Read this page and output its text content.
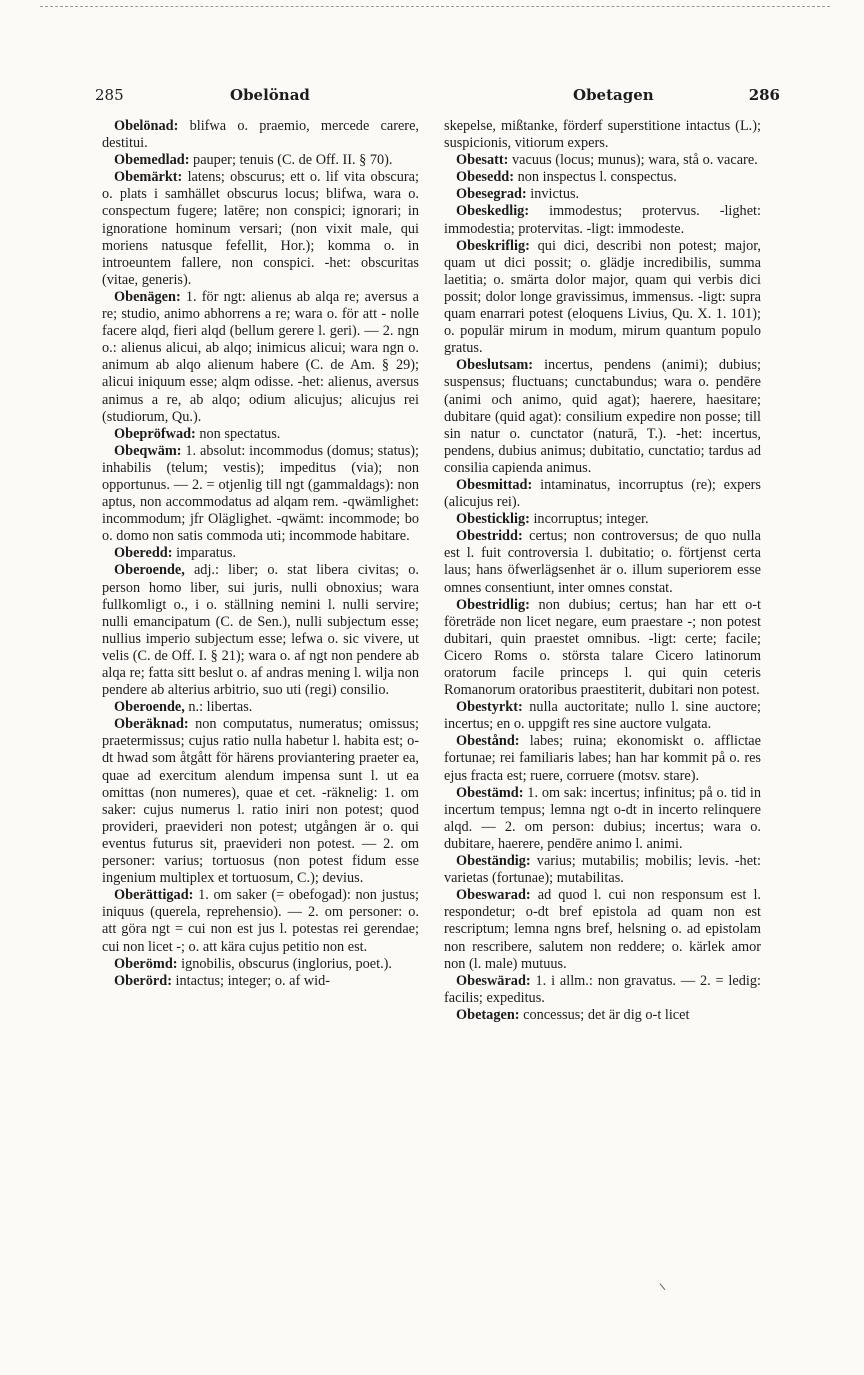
285	Obelönad	Obetagen	286

Obelönad: blifwa o. praemio, mercede carere, destitui.

Obemedlad: pauper; tenuis (C. de Off. II. § 70).

Obemärkt: latens; obscurus; ett o. lif vita obscura; o. plats i samhället obscurus locus; blifwa, wara o. conspectum fugere; latēre; non conspici; ignorari; in ignoratione hominum versari; (non vixit male, qui moriens natusque fefellit, Hor.); komma o. in introeuntem fallere, non conspici. -het: obscuritas (vitae, generis).

Obenägen: 1. för ngt: alienus ab alqa re; aversus a re; studio, animo abhorrens a re; wara o. för att - nolle facere alqd, fieri alqd (bellum gerere l. geri). — 2. ngn o.: alienus alicui, ab alqo; inimicus alicui; wara ngn o. animum ab alqo alienum habere (C. de Am. § 29); alicui iniquum esse; alqm odisse. -het: alienus, aversus animus a re, ab alqo; odium alicujus; alicujus rei (studiorum, Qu.).

Obepröfwad: non spectatus.

Obeqwäm: 1. absolut: incommodus (domus; status); inhabilis (telum; vestis); impeditus (via); non opportunus. — 2. = otjenlig till ngt (gammaldags): non aptus, non accommodatus ad alqam rem. -qwämlighet: incommodum; jfr Oläglighet. -qwämt: incommode; bo o. domo non satis commoda uti; incommode habitare.

Oberedd: imparatus.

Oberoende, adj.: liber; o. stat libera civitas; o. person homo liber, sui juris, nulli obnoxius; wara fullkomligt o., i o. ställning nemini l. nulli servire; nulli emancipatum (C. de Sen.), nulli subjectum esse; nullius imperio subjectum esse; lefwa o. sic vivere, ut velis (C. de Off. I. § 21); wara o. af ngt non pendere ab alqa re; fatta sitt beslut o. af andras mening l. wilja non pendere ab alterius arbitrio, suo uti (regi) consilio.

Oberoende, n.: libertas.

Oberäknad: non computatus, numeratus; omissus; praetermissus; cujus ratio nulla habetur l. habita est; o-dt hwad som åtgått för härens proviantering praeter ea, quae ad exercitum alendum impensa sunt l. ut ea omittas (non numeres), quae et cet. -räknelig: 1. om saker: cujus numerus l. ratio iniri non potest; quod provideri, praevideri non potest; utgången är o. qui eventus futurus sit, praevideri non potest. — 2. om personer: varius; tortuosus (non potest fidum esse ingenium multiplex et tortuosum, C.); devius.

Oberättigad: 1. om saker (= obefogad): non justus; iniquus (querela, reprehensio). — 2. om personer: o. att göra ngt = cui non est jus l. potestas rei gerendae; cui non licet -; o. att kära cujus petitio non est.

Oberömd: ignobilis, obscurus (inglorius, poet.).

Oberörd: intactus; integer; o. af wid-

skepelse, mißtanke, förderf superstitione intactus (L.); suspicionis, vitiorum expers.

Obesatt: vacuus (locus; munus); wara, stå o. vacare.

Obesedd: non inspectus l. conspectus.

Obesegrad: invictus.

Obeskedlig: immodestus; protervus. -lighet: immodestia; protervitas. -ligt: immodeste.

Obeskriflig: qui dici, describi non potest; major, quam ut dici possit; o. glädje incredibilis, summa laetitia; o. smärta dolor major, quam qui verbis dici possit; dolor longe gravissimus, immensus. -ligt: supra quam enarrari potest (eloquens Livius, Qu. X. 1. 101); o. populär mirum in modum, mirum quantum populo gratus.

Obeslutsam: incertus, pendens (animi); dubius; suspensus; fluctuans; cunctabundus; wara o. pendēre (animi och animo, quid agat); haerere, haesitare; dubitare (quid agat): consilium expedire non posse; till sin natur o. cunctator (naturā, T.). -het: incertus, pendens, dubius animus; dubitatio, cunctatio; tardus ad consilia capienda animus.

Obesmittad: intaminatus, incorruptus (re); expers (alicujus rei).

Obesticklig: incorruptus; integer.

Obestridd: certus; non controversus; de quo nulla est l. fuit controversia l. dubitatio; o. förtjenst certa laus; hans öfwerlägsenhet är o. illum superiorem esse omnes consentiunt, inter omnes constat.

Obestridlig: non dubius; certus; han har ett o-t företräde non licet negare, eum praestare -; non potest dubitari, quin praestet omnibus. -ligt: certe; facile; Cicero Roms o. största talare Cicero latinorum oratorum facile princeps l. qui quin ceteris Romanorum oratoribus praestiterit, dubitari non potest.

Obestyrkt: nulla auctoritate; nullo l. sine auctore; incertus; en o. uppgift res sine auctore vulgata.

Obestånd: labes; ruina; ekonomiskt o. afflictae fortunae; rei familiaris labes; han har kommit på o. res ejus fracta est; ruere, corruere (motsv. stare).

Obestämd: 1. om sak: incertus; infinitus; på o. tid in incertum tempus; lemna ngt o-dt in incerto relinquere alqd. — 2. om person: dubius; incertus; wara o. dubitare, haerere, pendēre animo l. animi.

Obeständig: varius; mutabilis; mobilis; levis. -het: varietas (fortunae); mutabilitas.

Obeswarad: ad quod l. cui non responsum est l. respondetur; o-dt bref epistola ad quam non est rescriptum; lemna ngns bref, helsning o. ad epistolam non rescribere, salutem non reddere; o. kärlek amor non (l. male) mutuus.

Obeswärad: 1. i allm.: non gravatus. — 2. = ledig: facilis; expeditus.

Obetagen: concessus; det är dig o-t licet
